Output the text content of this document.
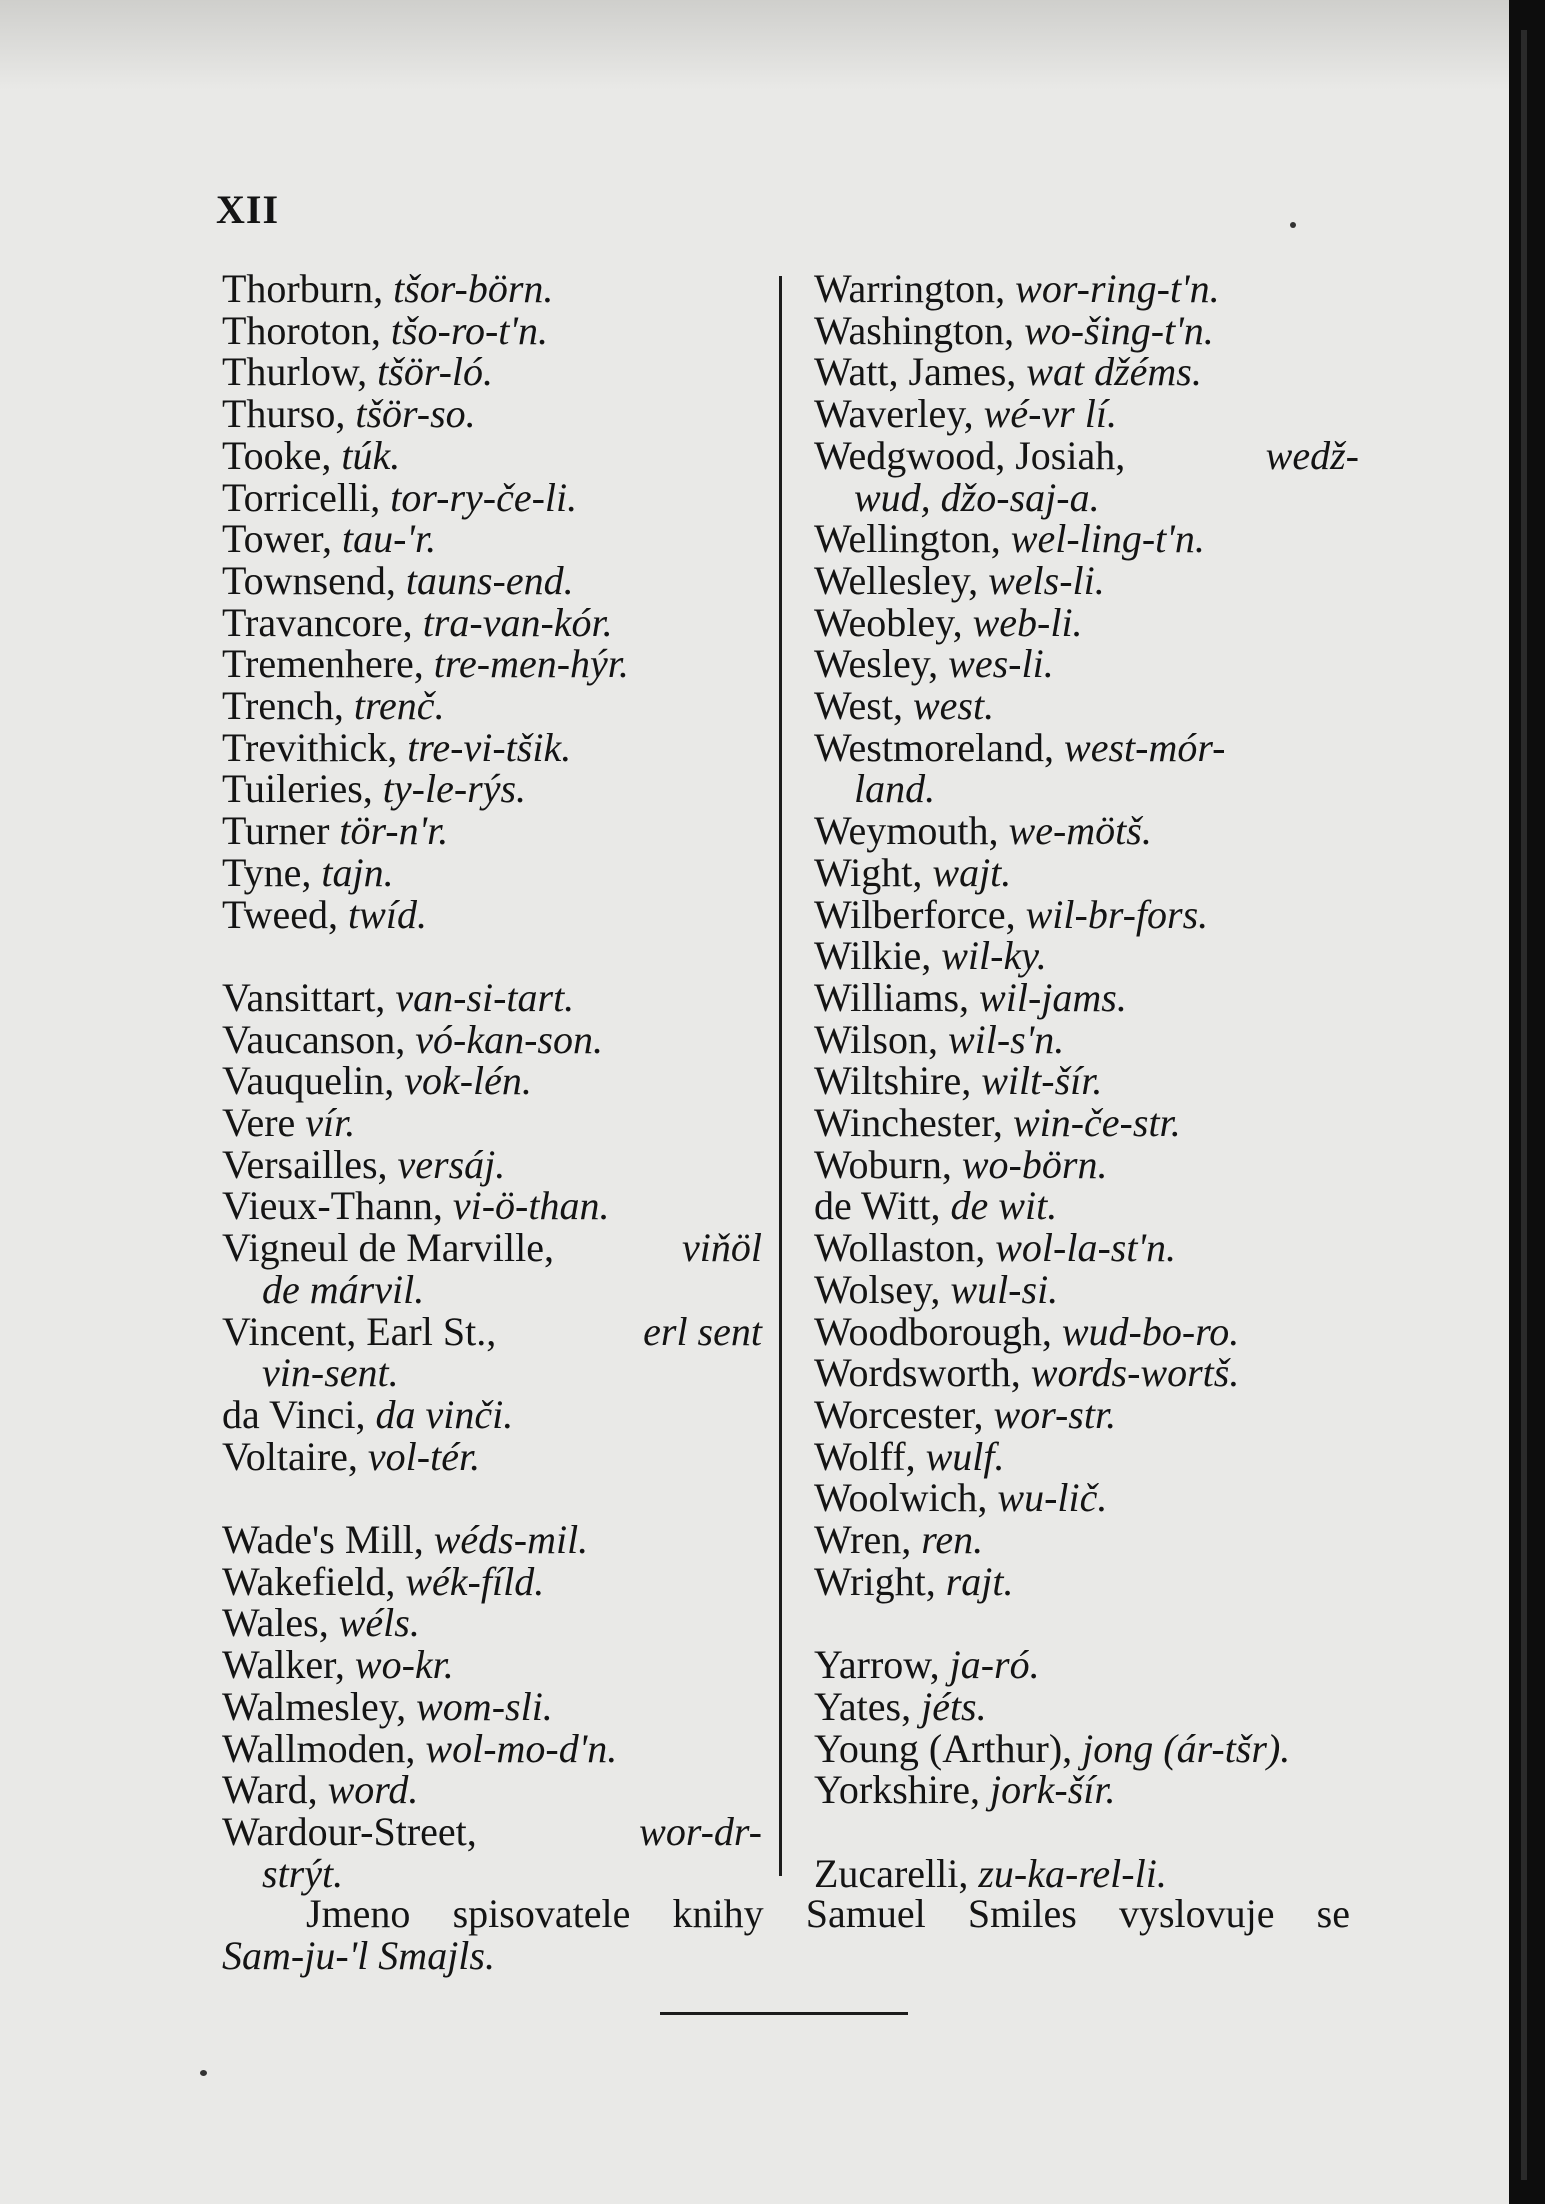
XII
Thorburn, tšor-börn.
Thoroton, tšo-ro-t'n.
Thurlow, tšör-ló.
Thurso, tšör-so.
Tooke, túk.
Torricelli, tor-ry-če-li.
Tower, tau-'r.
Townsend, tauns-end.
Travancore, tra-van-kór.
Tremenhere, tre-men-hýr.
Trench, trenč.
Trevithick, tre-vi-tšik.
Tuileries, ty-le-rýs.
Turner tör-n'r.
Tyne, tajn.
Tweed, twíd.
Vansittart, van-si-tart.
Vaucanson, vó-kan-son.
Vauquelin, vok-lén.
Vere vír.
Versailles, versáj.
Vieux-Thann, vi-ö-than.
Vigneul de Marville,	viňöl
de márvil.
Vincent, Earl St.,	erl sent
vin-sent.
da Vinci, da vinči.
Voltaire, vol-tér.
Wade's Mill, wéds-mil.
Wakefield, wék-fíld.
Wales, wéls.
Walker, wo-kr.
Walmesley, wom-sli.
Wallmoden, wol-mo-d'n.
Ward, word.
Wardour-Street,	wor-dr-
strýt.
Warrington, wor-ring-t'n.
Washington, wo-šing-t'n.
Watt, James, wat džéms.
Waverley, wé-vr lí.
Wedgwood, Josiah,	wedž-
wud, džo-saj-a.
Wellington, wel-ling-t'n.
Wellesley, wels-li.
Weobley, web-li.
Wesley, wes-li.
West, west.
Westmoreland, west-mór-
land.
Weymouth, we-mötš.
Wight, wajt.
Wilberforce, wil-br-fors.
Wilkie, wil-ky.
Williams, wil-jams.
Wilson, wil-s'n.
Wiltshire, wilt-šír.
Winchester, win-če-str.
Woburn, wo-börn.
de Witt, de wit.
Wollaston, wol-la-st'n.
Wolsey, wul-si.
Woodborough, wud-bo-ro.
Wordsworth, words-wortš.
Worcester, wor-str.
Wolff, wulf.
Woolwich, wu-lič.
Wren, ren.
Wright, rajt.
Yarrow, ja-ró.
Yates, jéts.
Young (Arthur), jong (ár-tšr).
Yorkshire, jork-šír.
Zucarelli, zu-ka-rel-li.
Jmeno spisovatele knihy Samuel Smiles vyslovuje se
Sam-ju-'l Smajls.
